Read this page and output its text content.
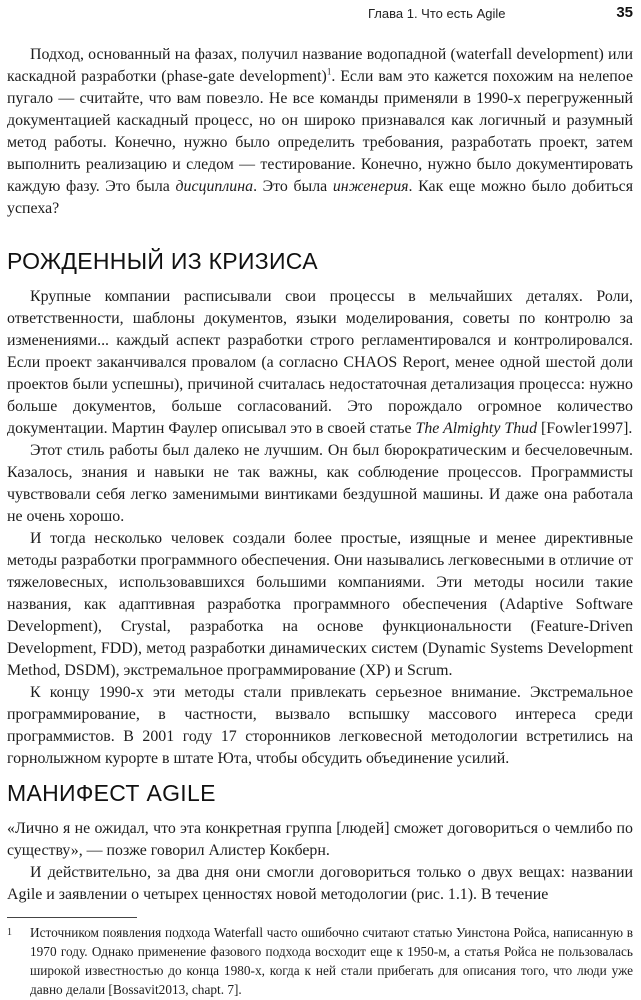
Глава 1. Что есть Agile	35

Подход, основанный на фазах, получил название водопадной (waterfall development) или каскадной разработки (phase-gate development)$^1$. Если вам это кажется похожим на нелепое пугало — считайте, что вам повезло. Не все команды применяли в 1990-х перегруженный документацией каскадный процесс, но он широко признавался как логичный и разумный метод работы. Конечно, нужно было определить требования, разработать проект, затем выполнить реализацию и следом — тестирование. Конечно, нужно было документировать каждую фазу. Это была дисциплина. Это была инженерия. Как еще можно было добиться успеха?

РОЖДЕННЫЙ ИЗ КРИЗИСА

Крупные компании расписывали свои процессы в мельчайших деталях. Роли, ответственности, шаблоны документов, языки моделирования, советы по контролю за изменениями... каждый аспект разработки строго регламентировался и контролировался. Если проект заканчивался провалом (а согласно CHAOS Report, менее одной шестой доли проектов были успешны), причиной считалась недостаточная детализация процесса: нужно больше документов, больше согласований. Это порождало огромное количество документации. Мартин Фаулер описывал это в своей статье The Almighty Thud [Fowler1997].

Этот стиль работы был далеко не лучшим. Он был бюрократическим и бесчеловечным. Казалось, знания и навыки не так важны, как соблюдение процессов. Программисты чувствовали себя легко заменимыми винтиками бездушной машины. И даже она работала не очень хорошо.

И тогда несколько человек создали более простые, изящные и менее директивные методы разработки программного обеспечения. Они назывались легковесными в отличие от тяжеловесных, использовавшихся большими компаниями. Эти методы носили такие названия, как адаптивная разработка программного обеспечения (Adaptive Software Development), Crystal, разработка на основе функциональности (Feature-Driven Development, FDD), метод разработки динамических систем (Dynamic Systems Development Method, DSDM), экстремальное программирование (XP) и Scrum.

К концу 1990-х эти методы стали привлекать серьезное внимание. Экстремальное программирование, в частности, вызвало вспышку массового интереса среди программистов. В 2001 году 17 сторонников легковесной методологии встретились на горнолыжном курорте в штате Юта, чтобы обсудить объединение усилий.

МАНИФЕСТ AGILE

«Лично я не ожидал, что эта конкретная группа [людей] сможет договориться о чемлибо по существу», — позже говорил Алистер Кокберн.

И действительно, за два дня они смогли договориться только о двух вещах: названии Agile и заявлении о четырех ценностях новой методологии (рис. 1.1). В течение

1 Источником появления подхода Waterfall часто ошибочно считают статью Уинстона Ройса, написанную в 1970 году. Однако применение фазового подхода восходит еще к 1950-м, а статья Ройса не пользовалась широкой известностью до конца 1980-х, когда к ней стали прибегать для описания того, что люди уже давно делали [Bossavit2013, chapt. 7].
